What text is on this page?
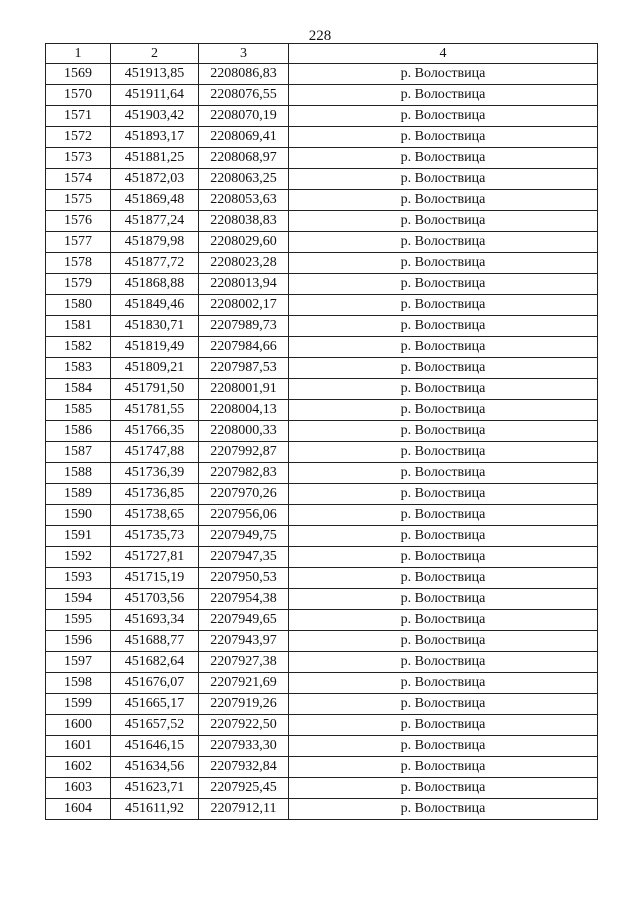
228
1	2	3	4
1569	451913,85	2208086,83	р. Волоствица
1570	451911,64	2208076,55	р. Волоствица
1571	451903,42	2208070,19	р. Волоствица
1572	451893,17	2208069,41	р. Волоствица
1573	451881,25	2208068,97	р. Волоствица
1574	451872,03	2208063,25	р. Волоствица
1575	451869,48	2208053,63	р. Волоствица
1576	451877,24	2208038,83	р. Волоствица
1577	451879,98	2208029,60	р. Волоствица
1578	451877,72	2208023,28	р. Волоствица
1579	451868,88	2208013,94	р. Волоствица
1580	451849,46	2208002,17	р. Волоствица
1581	451830,71	2207989,73	р. Волоствица
1582	451819,49	2207984,66	р. Волоствица
1583	451809,21	2207987,53	р. Волоствица
1584	451791,50	2208001,91	р. Волоствица
1585	451781,55	2208004,13	р. Волоствица
1586	451766,35	2208000,33	р. Волоствица
1587	451747,88	2207992,87	р. Волоствица
1588	451736,39	2207982,83	р. Волоствица
1589	451736,85	2207970,26	р. Волоствица
1590	451738,65	2207956,06	р. Волоствица
1591	451735,73	2207949,75	р. Волоствица
1592	451727,81	2207947,35	р. Волоствица
1593	451715,19	2207950,53	р. Волоствица
1594	451703,56	2207954,38	р. Волоствица
1595	451693,34	2207949,65	р. Волоствица
1596	451688,77	2207943,97	р. Волоствица
1597	451682,64	2207927,38	р. Волоствица
1598	451676,07	2207921,69	р. Волоствица
1599	451665,17	2207919,26	р. Волоствица
1600	451657,52	2207922,50	р. Волоствица
1601	451646,15	2207933,30	р. Волоствица
1602	451634,56	2207932,84	р. Волоствица
1603	451623,71	2207925,45	р. Волоствица
1604	451611,92	2207912,11	р. Волоствица
